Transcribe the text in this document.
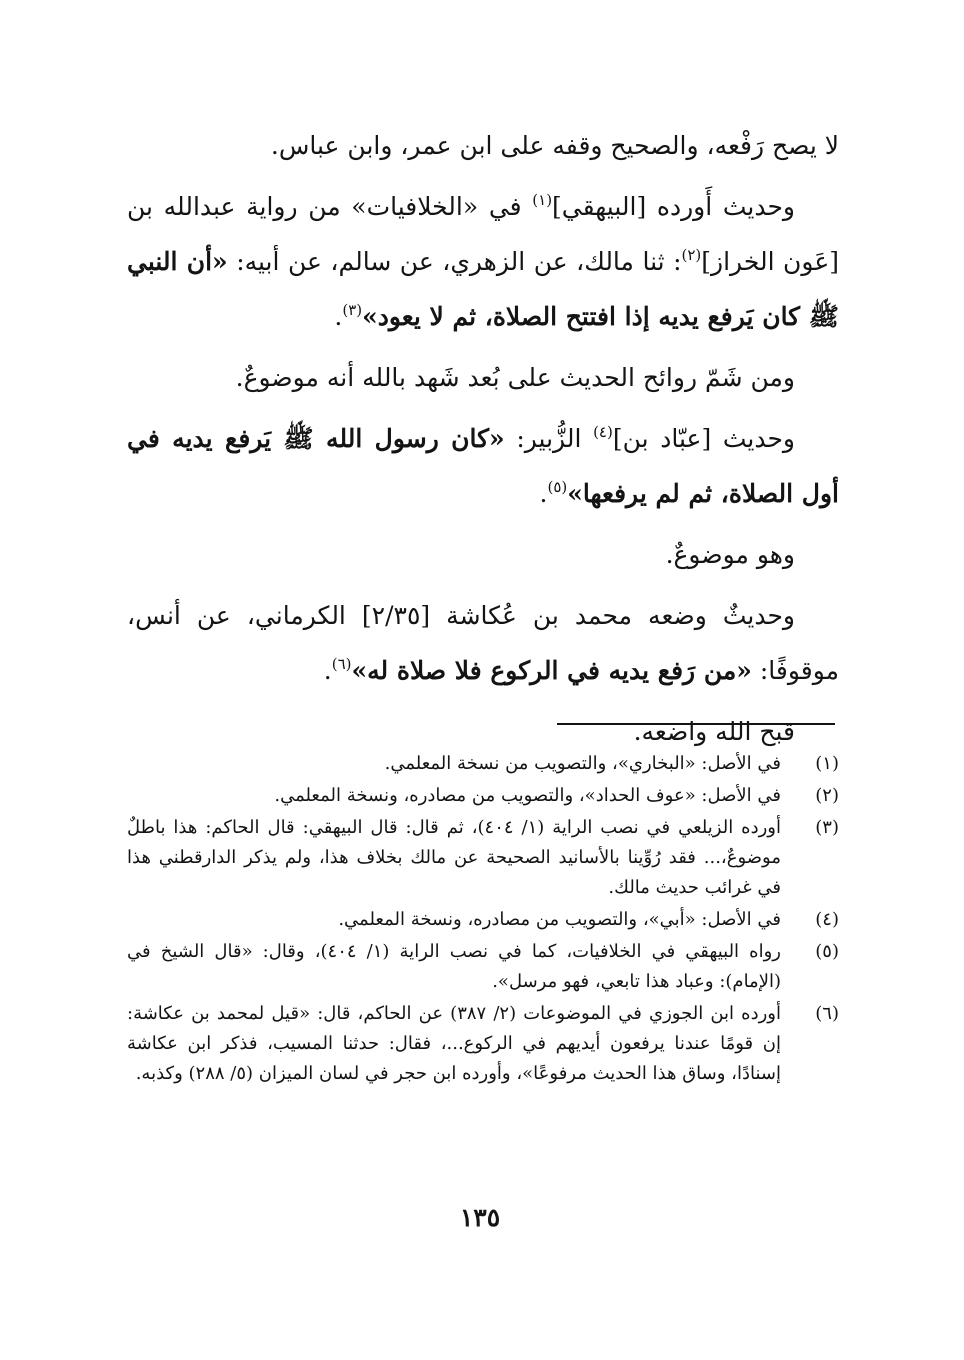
لا يصح رَفْعه، والصحيح وقفه على ابن عمر، وابن عباس.

وحديث أَورده [البيهقي]$^{(١)}$ في «الخلافيات» من رواية عبدالله بن [عَون الخراز]$^{(٢)}$: ثنا مالك، عن الزهري، عن سالم، عن أبيه: «أن النبي ﷺ كان يَرفع يديه إذا افتتح الصلاة، ثم لا يعود»$^{(٣)}$.

ومن شَمّ روائح الحديث على بُعد شَهد بالله أنه موضوعٌ.

وحديث [عبّاد بن]$^{(٤)}$ الزُّبير: «كان رسول الله ﷺ يَرفع يديه في أول الصلاة، ثم لم يرفعها»$^{(٥)}$.

وهو موضوعٌ.

وحديثٌ وضعه محمد بن عُكاشة [٢/٣٥] الكرماني، عن أنس، موقوفًا: «من رَفع يديه في الركوع فلا صلاة له»$^{(٦)}$.

قبح الله واضعه.

(١)
في الأصل: «البخاري»، والتصويب من نسخة المعلمي.
(٢)
في الأصل: «عوف الحداد»، والتصويب من مصادره، ونسخة المعلمي.
(٣)
أورده الزيلعي في نصب الراية (١/ ٤٠٤)، ثم قال: قال البيهقي: قال الحاكم: هذا باطلٌ موضوعٌ،... فقد رُوِّينا بالأسانيد الصحيحة عن مالك بخلاف هذا، ولم يذكر الدارقطني هذا في غرائب حديث مالك.
(٤)
في الأصل: «أبي»، والتصويب من مصادره، ونسخة المعلمي.
(٥)
رواه البيهقي في الخلافيات، كما في نصب الراية (١/ ٤٠٤)، وقال: «قال الشيخ في (الإمام): وعباد هذا تابعي، فهو مرسل».
(٦)
أورده ابن الجوزي في الموضوعات (٢/ ٣٨٧) عن الحاكم، قال: «قيل لمحمد بن عكاشة: إن قومًا عندنا يرفعون أيديهم في الركوع...، فقال: حدثنا المسيب، فذكر ابن عكاشة إسنادًا، وساق هذا الحديث مرفوعًا»، وأورده ابن حجر في لسان الميزان (٥/ ٢٨٨) وكذبه.
١٣٥
